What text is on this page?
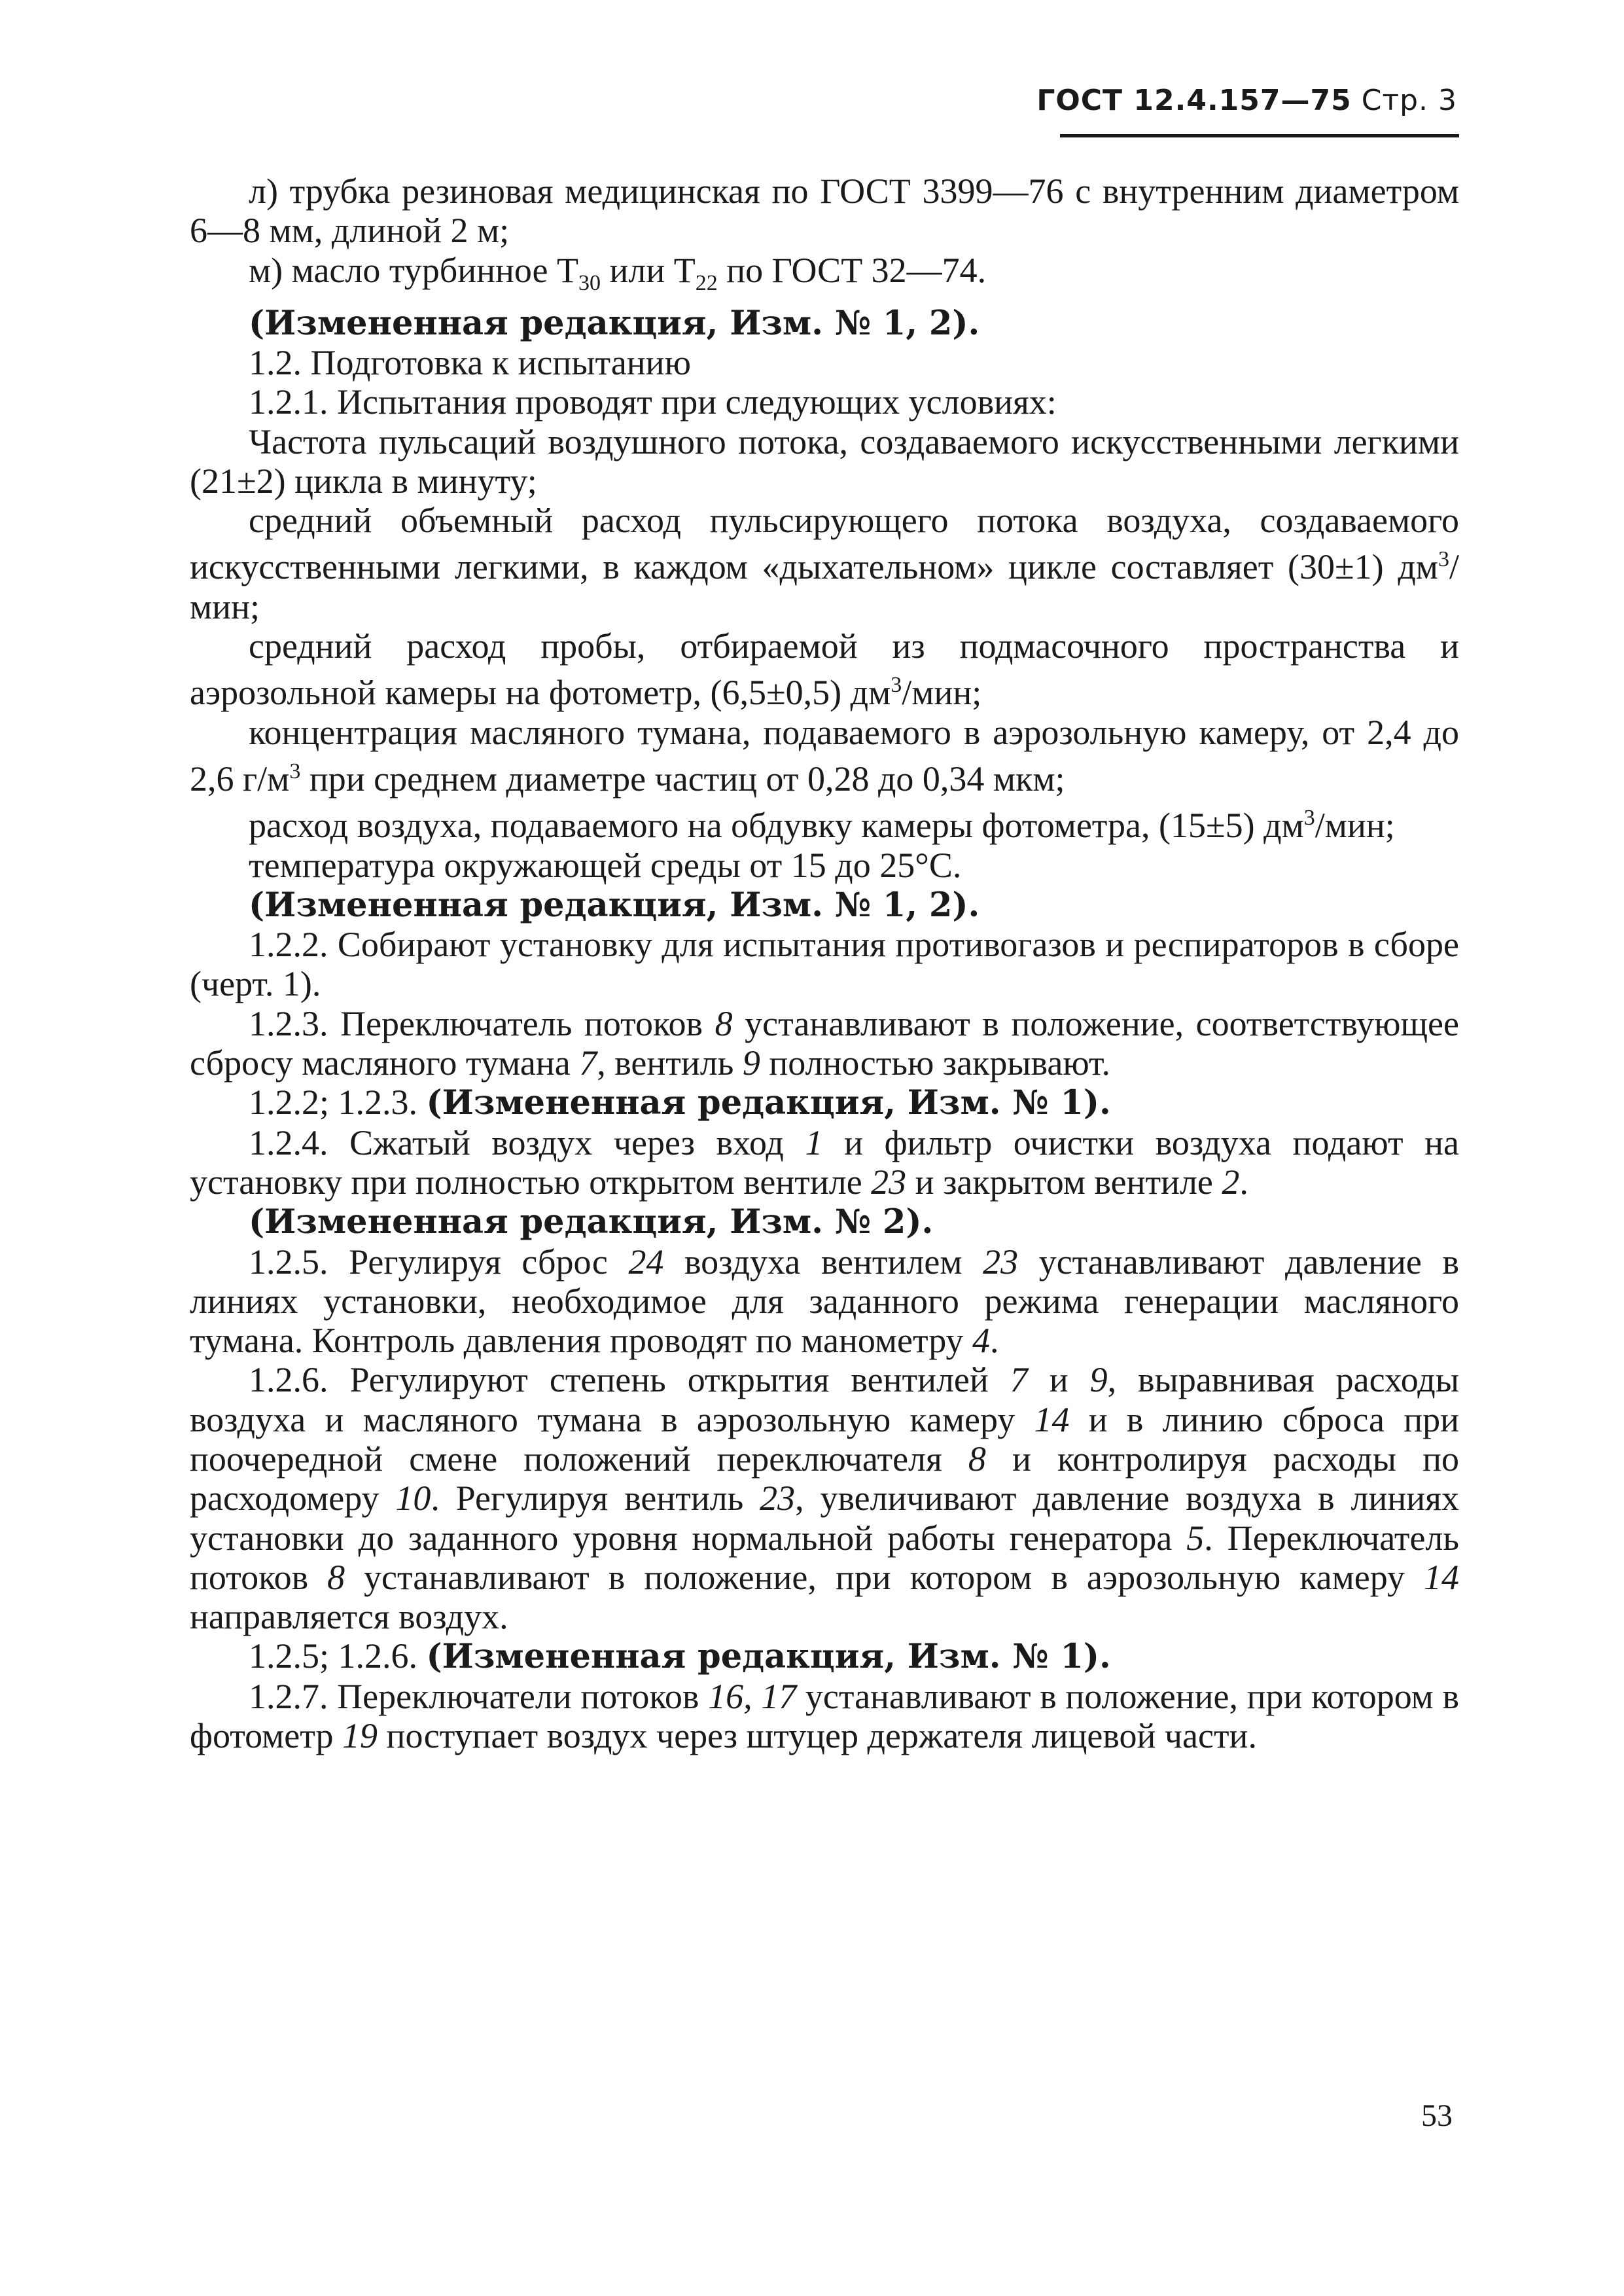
ГОСТ 12.4.157—75 Стр. 3

л) трубка резиновая медицинская по ГОСТ 3399—76 с внутренним диаметром 6—8 мм, длиной 2 м;

м) масло турбинное $Т_{30}$ или $Т_{22}$ по ГОСТ 32—74.

(Измененная редакция, Изм. № 1, 2).

1.2. Подготовка к испытанию

1.2.1. Испытания проводят при следующих условиях:

Частота пульсаций воздушного потока, создаваемого искусственными легкими (21±2) цикла в минуту;

средний объемный расход пульсирующего потока воздуха, создаваемого искусственными легкими, в каждом «дыхательном» цикле составляет (30±1) $дм^3$/мин;

средний расход пробы, отбираемой из подмасочного пространства и аэрозольной камеры на фотометр, (6,5±0,5) $дм^3$/мин;

концентрация масляного тумана, подаваемого в аэрозольную камеру, от 2,4 до 2,6 $г/м^3$ при среднем диаметре частиц от 0,28 до 0,34 мкм;

расход воздуха, подаваемого на обдувку камеры фотометра, (15±5) $дм^3$/мин;

температура окружающей среды от 15 до 25°С.

(Измененная редакция, Изм. № 1, 2).

1.2.2. Собирают установку для испытания противогазов и респираторов в сборе (черт. 1).

1.2.3. Переключатель потоков 8 устанавливают в положение, соответствующее сбросу масляного тумана 7, вентиль 9 полностью закрывают.

1.2.2; 1.2.3. (Измененная редакция, Изм. № 1).

1.2.4. Сжатый воздух через вход 1 и фильтр очистки воздуха подают на установку при полностью открытом вентиле 23 и закрытом вентиле 2.

(Измененная редакция, Изм. № 2).

1.2.5. Регулируя сброс 24 воздуха вентилем 23 устанавливают давление в линиях установки, необходимое для заданного режима генерации масляного тумана. Контроль давления проводят по манометру 4.

1.2.6. Регулируют степень открытия вентилей 7 и 9, выравнивая расходы воздуха и масляного тумана в аэрозольную камеру 14 и в линию сброса при поочередной смене положений переключателя 8 и контролируя расходы по расходомеру 10. Регулируя вентиль 23, увеличивают давление воздуха в линиях установки до заданного уровня нормальной работы генератора 5. Переключатель потоков 8 устанавливают в положение, при котором в аэрозольную камеру 14 направляется воздух.

1.2.5; 1.2.6. (Измененная редакция, Изм. № 1).

1.2.7. Переключатели потоков 16, 17 устанавливают в положение, при котором в фотометр 19 поступает воздух через штуцер держателя лицевой части.

53
